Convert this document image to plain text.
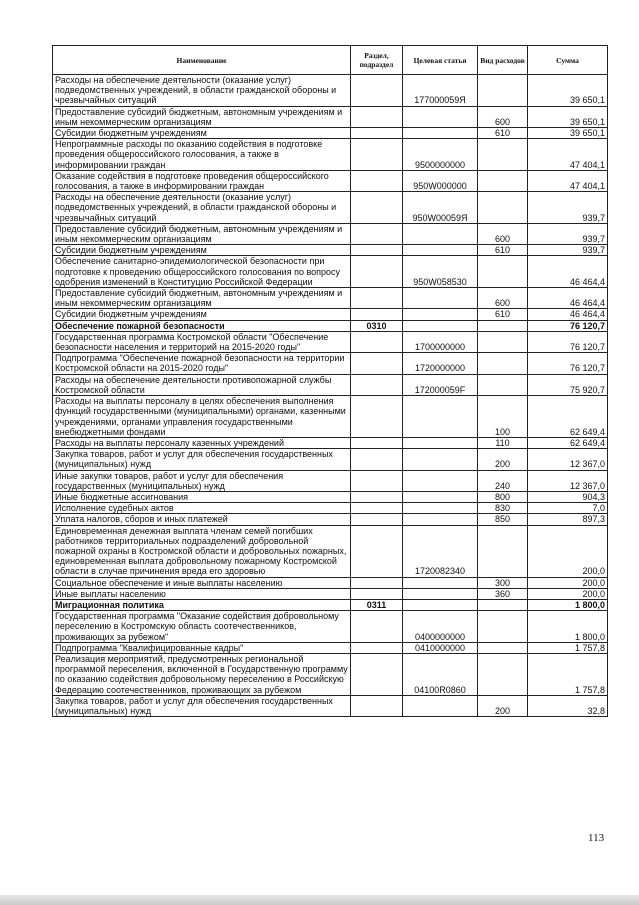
Наименование	Раздел, подраздел	Целевая статья	Вид расходов	Сумма
Расходы на обеспечение деятельности (оказание услуг) подведомственных учреждений, в области гражданской обороны и чрезвычайных ситуаций		177000059Я		39 650,1
Предоставление субсидий бюджетным, автономным учреждениям и иным некоммерческим организациям			600	39 650,1
Субсидии бюджетным учреждениям			610	39 650,1
Непрограммные расходы по оказанию содействия в подготовке проведения общероссийского голосования, а также в информировании граждан		9500000000		47 404,1
Оказание содействия в подготовке проведения общероссийского голосования, а также в информировании граждан		950W000000		47 404,1
Расходы на обеспечение деятельности (оказание услуг) подведомственных учреждений, в области гражданской обороны и чрезвычайных ситуаций		950W00059Я		939,7
Предоставление субсидий бюджетным, автономным учреждениям и иным некоммерческим организациям			600	939,7
Субсидии бюджетным учреждениям			610	939,7
Обеспечение санитарно-эпидемиологической безопасности при подготовке к проведению общероссийского голосования по вопросу одобрения изменений в Конституцию Российской Федерации		950W058530		46 464,4
Предоставление субсидий бюджетным, автономным учреждениям и иным некоммерческим организациям			600	46 464,4
Субсидии бюджетным учреждениям			610	46 464,4
Обеспечение пожарной безопасности	0310			76 120,7
Государственная программа Костромской области "Обеспечение безопасности населения и территорий на 2015-2020 годы"		1700000000		76 120,7
Подпрограмма "Обеспечение пожарной безопасности на территории Костромской области на 2015-2020 годы"		1720000000		76 120,7
Расходы на обеспечение деятельности противопожарной службы Костромской области		172000059F		75 920,7
Расходы на выплаты персоналу в целях обеспечения выполнения функций государственными (муниципальными) органами, казенными учреждениями, органами управления государственными внебюджетными фондами			100	62 649,4
Расходы на выплаты персоналу казенных учреждений			110	62 649,4
Закупка товаров, работ и услуг для обеспечения государственных (муниципальных) нужд			200	12 367,0
Иные закупки товаров, работ и услуг для обеспечения государственных (муниципальных) нужд			240	12 367,0
Иные бюджетные ассигнования			800	904,3
Исполнение судебных актов			830	7,0
Уплата налогов, сборов и иных платежей			850	897,3
Единовременная денежная выплата членам семей погибших работников территориальных подразделений добровольной пожарной охраны в Костромской области и добровольных пожарных, единовременная выплата добровольному пожарному Костромской области в случае причинения вреда его здоровью		1720082340		200,0
Социальное обеспечение и иные выплаты населению			300	200,0
Иные выплаты населению			360	200,0
Миграционная политика	0311			1 800,0
Государственная программа "Оказание содействия добровольному переселению в Костромскую область соотечественников, проживающих за рубежом"		0400000000		1 800,0
Подпрограмма "Квалифицированные кадры"		0410000000		1 757,8
Реализация мероприятий, предусмотренных региональной программой переселения, включенной в Государственную программу по оказанию содействия добровольному переселению в Российскую Федерацию соотечественников, проживающих за рубежом		04100R0860		1 757,8
Закупка товаров, работ и услуг для обеспечения государственных (муниципальных) нужд			200	32,8
113
